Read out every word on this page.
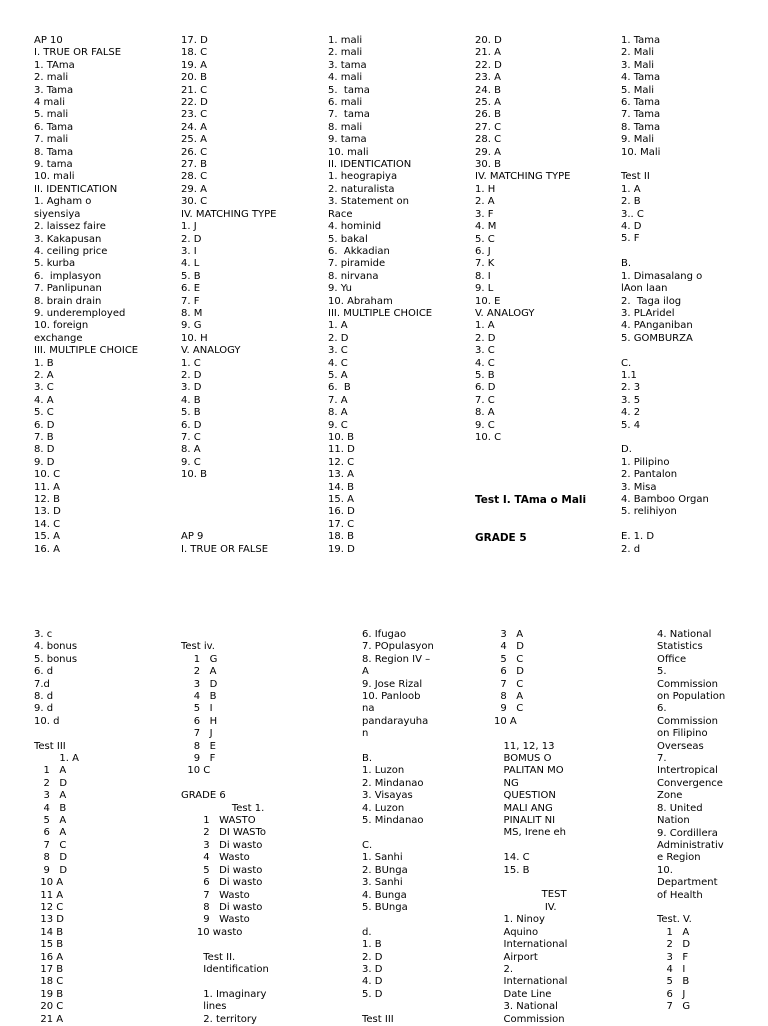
AP 10
I. TRUE OR FALSE
1. TAma
2. mali
3. Tama
4 mali
5. mali
6. Tama
7. mali
8. Tama
9. tama
10. mali
II. IDENTICATION
1. Agham o
siyensiya
2. laissez faire
3. Kakapusan
4. ceiling price
5. kurba
6.  implasyon
7. Panlipunan
8. brain drain
9. underemployed
10. foreign
exchange
III. MULTIPLE CHOICE
1. B
2. A
3. C
4. A
5. C
6. D
7. B
8. D
9. D
10. C
11. A
12. B
13. D
14. C
15. A
16. A
17. D
18. C
19. A
20. B
21. C
22. D
23. C
24. A
25. A
26. C
27. B
28. C
29. A
30. C
IV. MATCHING TYPE
1. J
2. D
3. I
4. L
5. B
6. E
7. F
8. M
9. G
10. H
V. ANALOGY
1. C
2. D
3. D
4. B
5. B
6. D
7. C
8. A
9. C
10. B
AP 9
I. TRUE OR FALSE
1. mali
2. mali
3. tama
4. mali
5.  tama
6. mali
7.  tama
8. mali
9. tama
10. mali
II. IDENTICATION
1. heograpiya
2. naturalista
3. Statement on
Race
4. hominid
5. bakal
6.  Akkadian
7. piramide
8. nirvana
9. Yu
10. Abraham
III. MULTIPLE CHOICE
1. A
2. D
3. C
4. C
5. A
6.  B
7. A
8. A
9. C
10. B
11. D
12. C
13. A
14. B
15. A
16. D
17. C
18. B
19. D
20. D
21. A
22. D
23. A
24. B
25. A
26. B
27. C
28. C
29. A
30. B
IV. MATCHING TYPE
1. H
2. A
3. F
4. M
5. C
6. J
7. K
8. I
9. L
10. E
V. ANALOGY
1. A
2. D
3. C
4. C
5. B
6. D
7. C
8. A
9. C
10. C
Test I. TAma o Mali
GRADE 5
1. Tama
2. Mali
3. Mali
4. Tama
5. Mali
6. Tama
7. Tama
8. Tama
9. Mali
10. Mali
Test II
1. A
2. B
3.. C
4. D
5. F
B.
1. Dimasalang o
lAon laan
2.  Taga ilog
3. PLAridel
4. PAnganiban
5. GOMBURZA
C.
1.1
2. 3
3. 5
4. 2
5. 4
D.
1. Pilipino
2. Pantalon
3. Misa
4. Bamboo Organ
5. relihiyon
E. 1. D
2. d
3. c
4. bonus
5. bonus
6. d
7.d
8. d
9. d
10. d
Test III
1. A
1   A
2   D
3   A
4   B
5   A
6   A
7   C
8   D
9   D
10 A
11 A
12 C
13 D
14 B
15 B
16 A
17 B
18 C
19 B
20 C
21 A
Test iv.
1   G
2   A
3   D
4   B
5   I
6   H
7   J
8   E
9   F
10 C
GRADE 6
Test 1.
1   WASTO
2   DI WASTo
3   Di wasto
4   Wasto
5   Di wasto
6   Di wasto
7   Wasto
8   Di wasto
9   Wasto
10 wasto
Test II.
Identification
1. Imaginary
lines
2. territory
6. Ifugao
7. POpulasyon
8. Region IV –
A
9. Jose Rizal
10. Panloob
na
pandarayuha
n
B.
1. Luzon
2. Mindanao
3. Visayas
4. Luzon
5. Mindanao
C.
1. Sanhi
2. BUnga
3. Sanhi
4. Bunga
5. BUnga
d.
1. B
2. D
3. D
4. D
5. D
Test III
3   A
4   D
5   C
6   D
7   C
8   A
9   C
10 A
11, 12, 13
BOMUS O
PALITAN MO
NG
QUESTION
MALI ANG
PINALIT NI
MS, Irene eh
14. C
15. B
TEST
IV.
1. Ninoy
Aquino
International
Airport
2.
International
Date Line
3. National
Commission
4. National
Statistics
Office
5.
Commission
on Population
6.
Commission
on Filipino
Overseas
7.
Intertropical
Convergence
Zone
8. United
Nation
9. Cordillera
Administrativ
e Region
10.
Department
of Health
Test. V.
1   A
2   D
3   F
4   I
5   B
6   J
7   G
